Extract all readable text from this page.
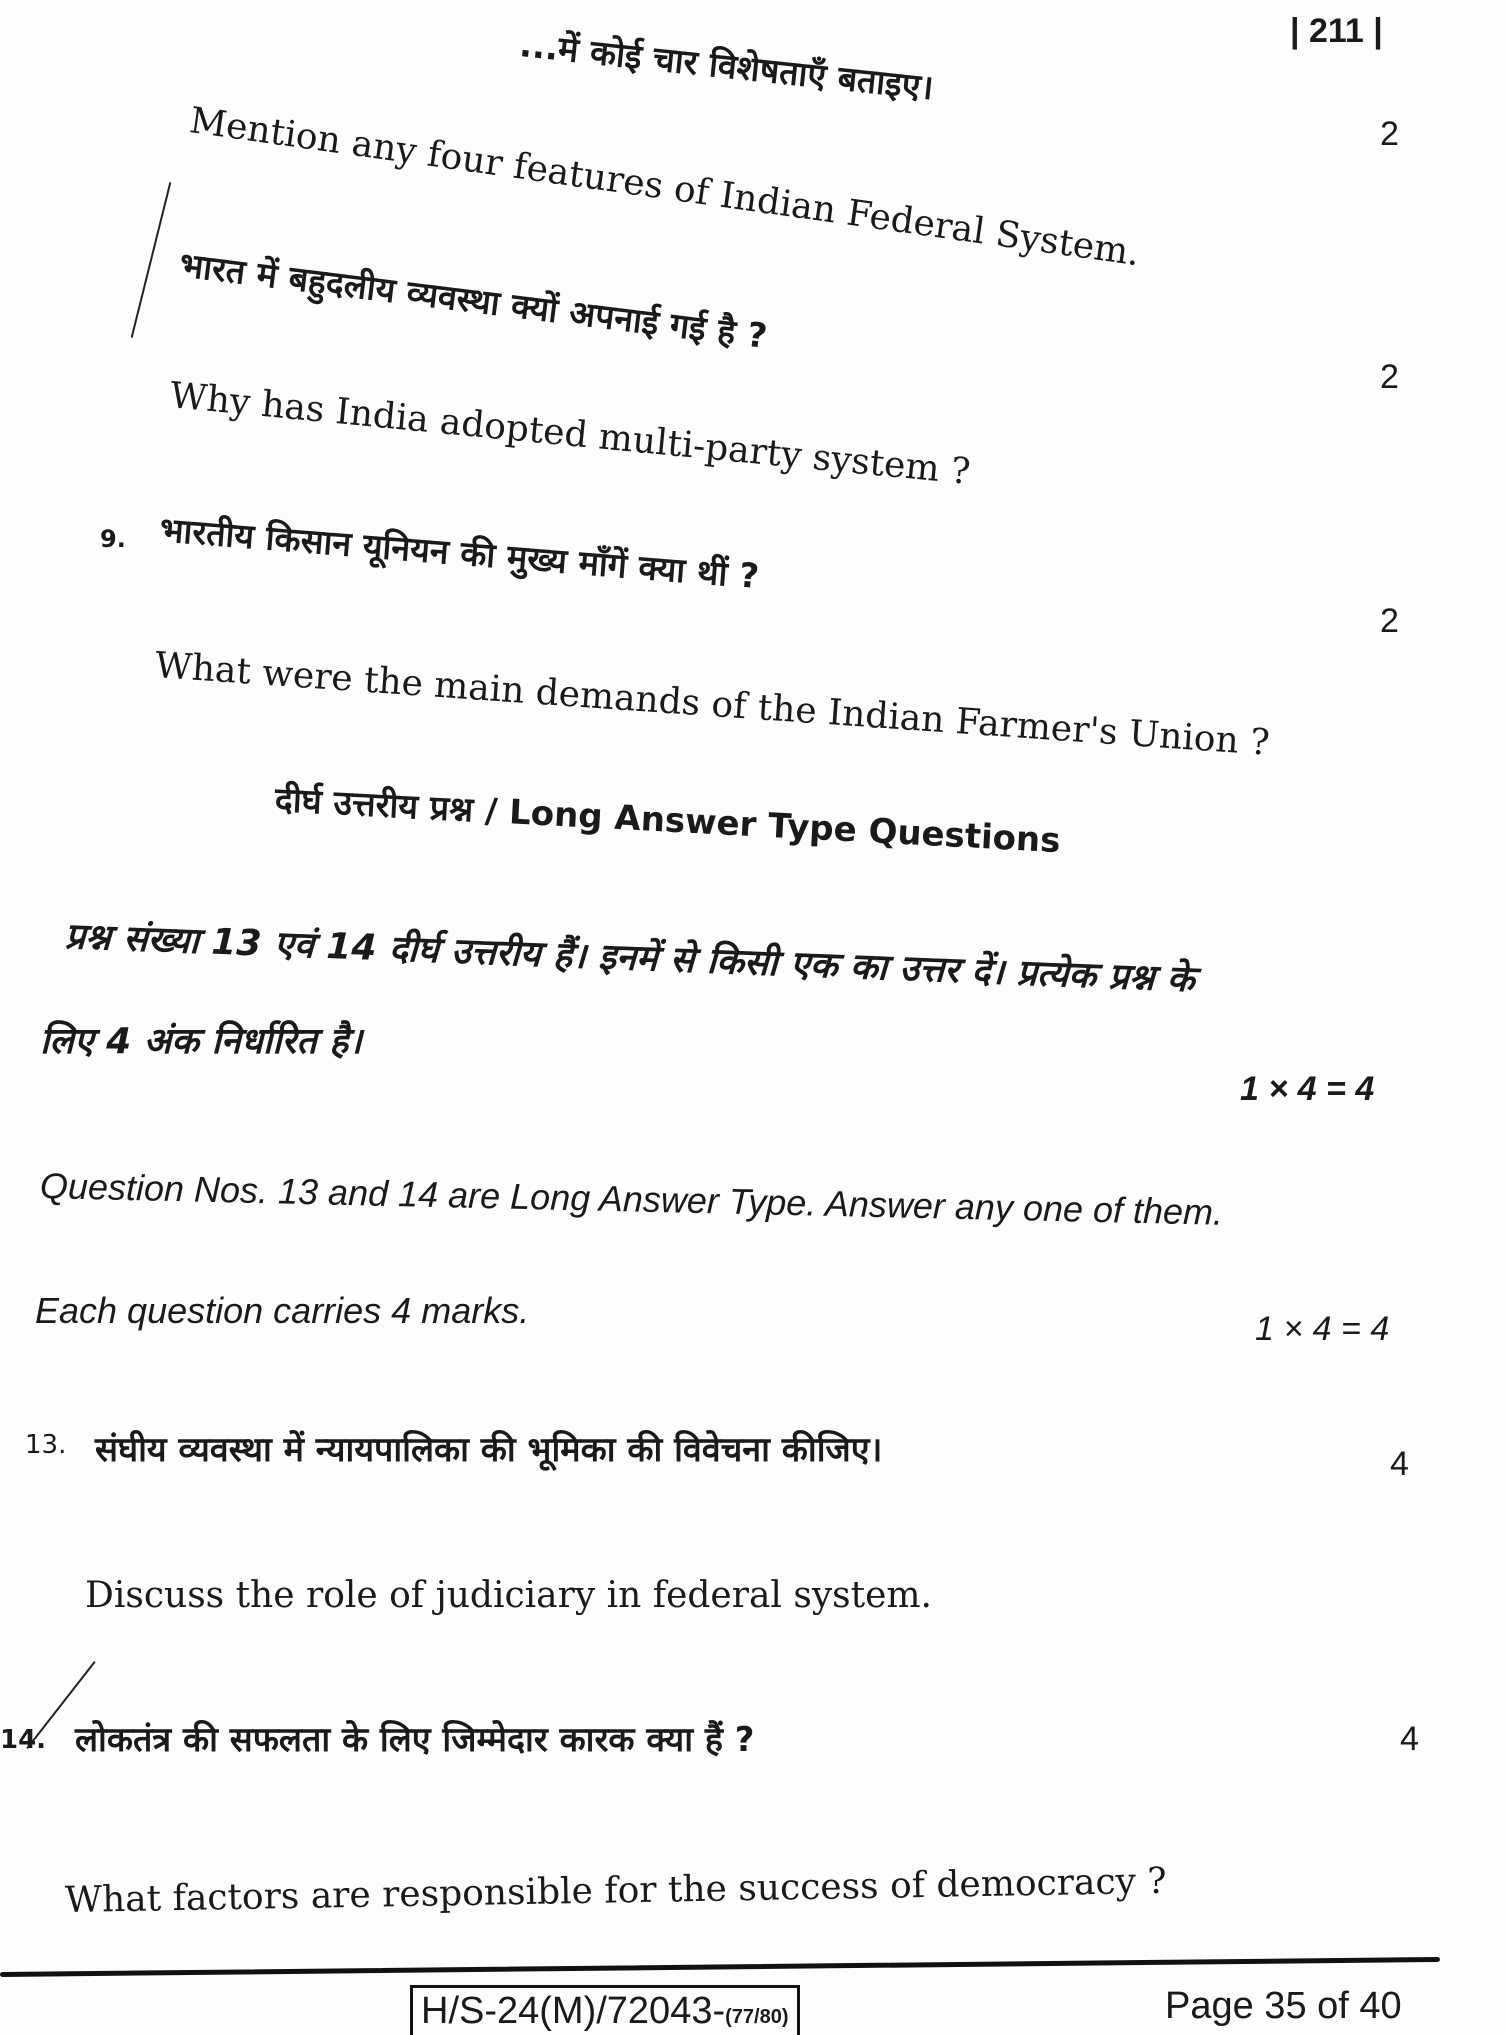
| 211 |
...में कोई चार विशेषताएँ बताइए।
Mention any four features of Indian Federal System.	2
भारत में बहुदलीय व्यवस्था क्यों अपनाई गई है ?
2
Why has India adopted multi-party system ?
9. भारतीय किसान यूनियन की मुख्य माँगें क्या थीं ?
2
What were the main demands of the Indian Farmer's Union ?
दीर्घ उत्तरीय प्रश्न / Long Answer Type Questions
प्रश्न संख्या 13 एवं 14 दीर्घ उत्तरीय हैं। इनमें से किसी एक का उत्तर दें। प्रत्येक प्रश्न के
लिए 4 अंक निर्धारित है।
1 × 4 = 4
Question Nos. 13 and 14 are Long Answer Type. Answer any one of them.
Each question carries 4 marks.	1 × 4 = 4
13. संघीय व्यवस्था में न्यायपालिका की भूमिका की विवेचना कीजिए।	4
Discuss the role of judiciary in federal system.
14. लोकतंत्र की सफलता के लिए जिम्मेदार कारक क्या हैं ?	4
What factors are responsible for the success of democracy ?
H/S-24(M)/72043-(77/80)	Page 35 of 40
